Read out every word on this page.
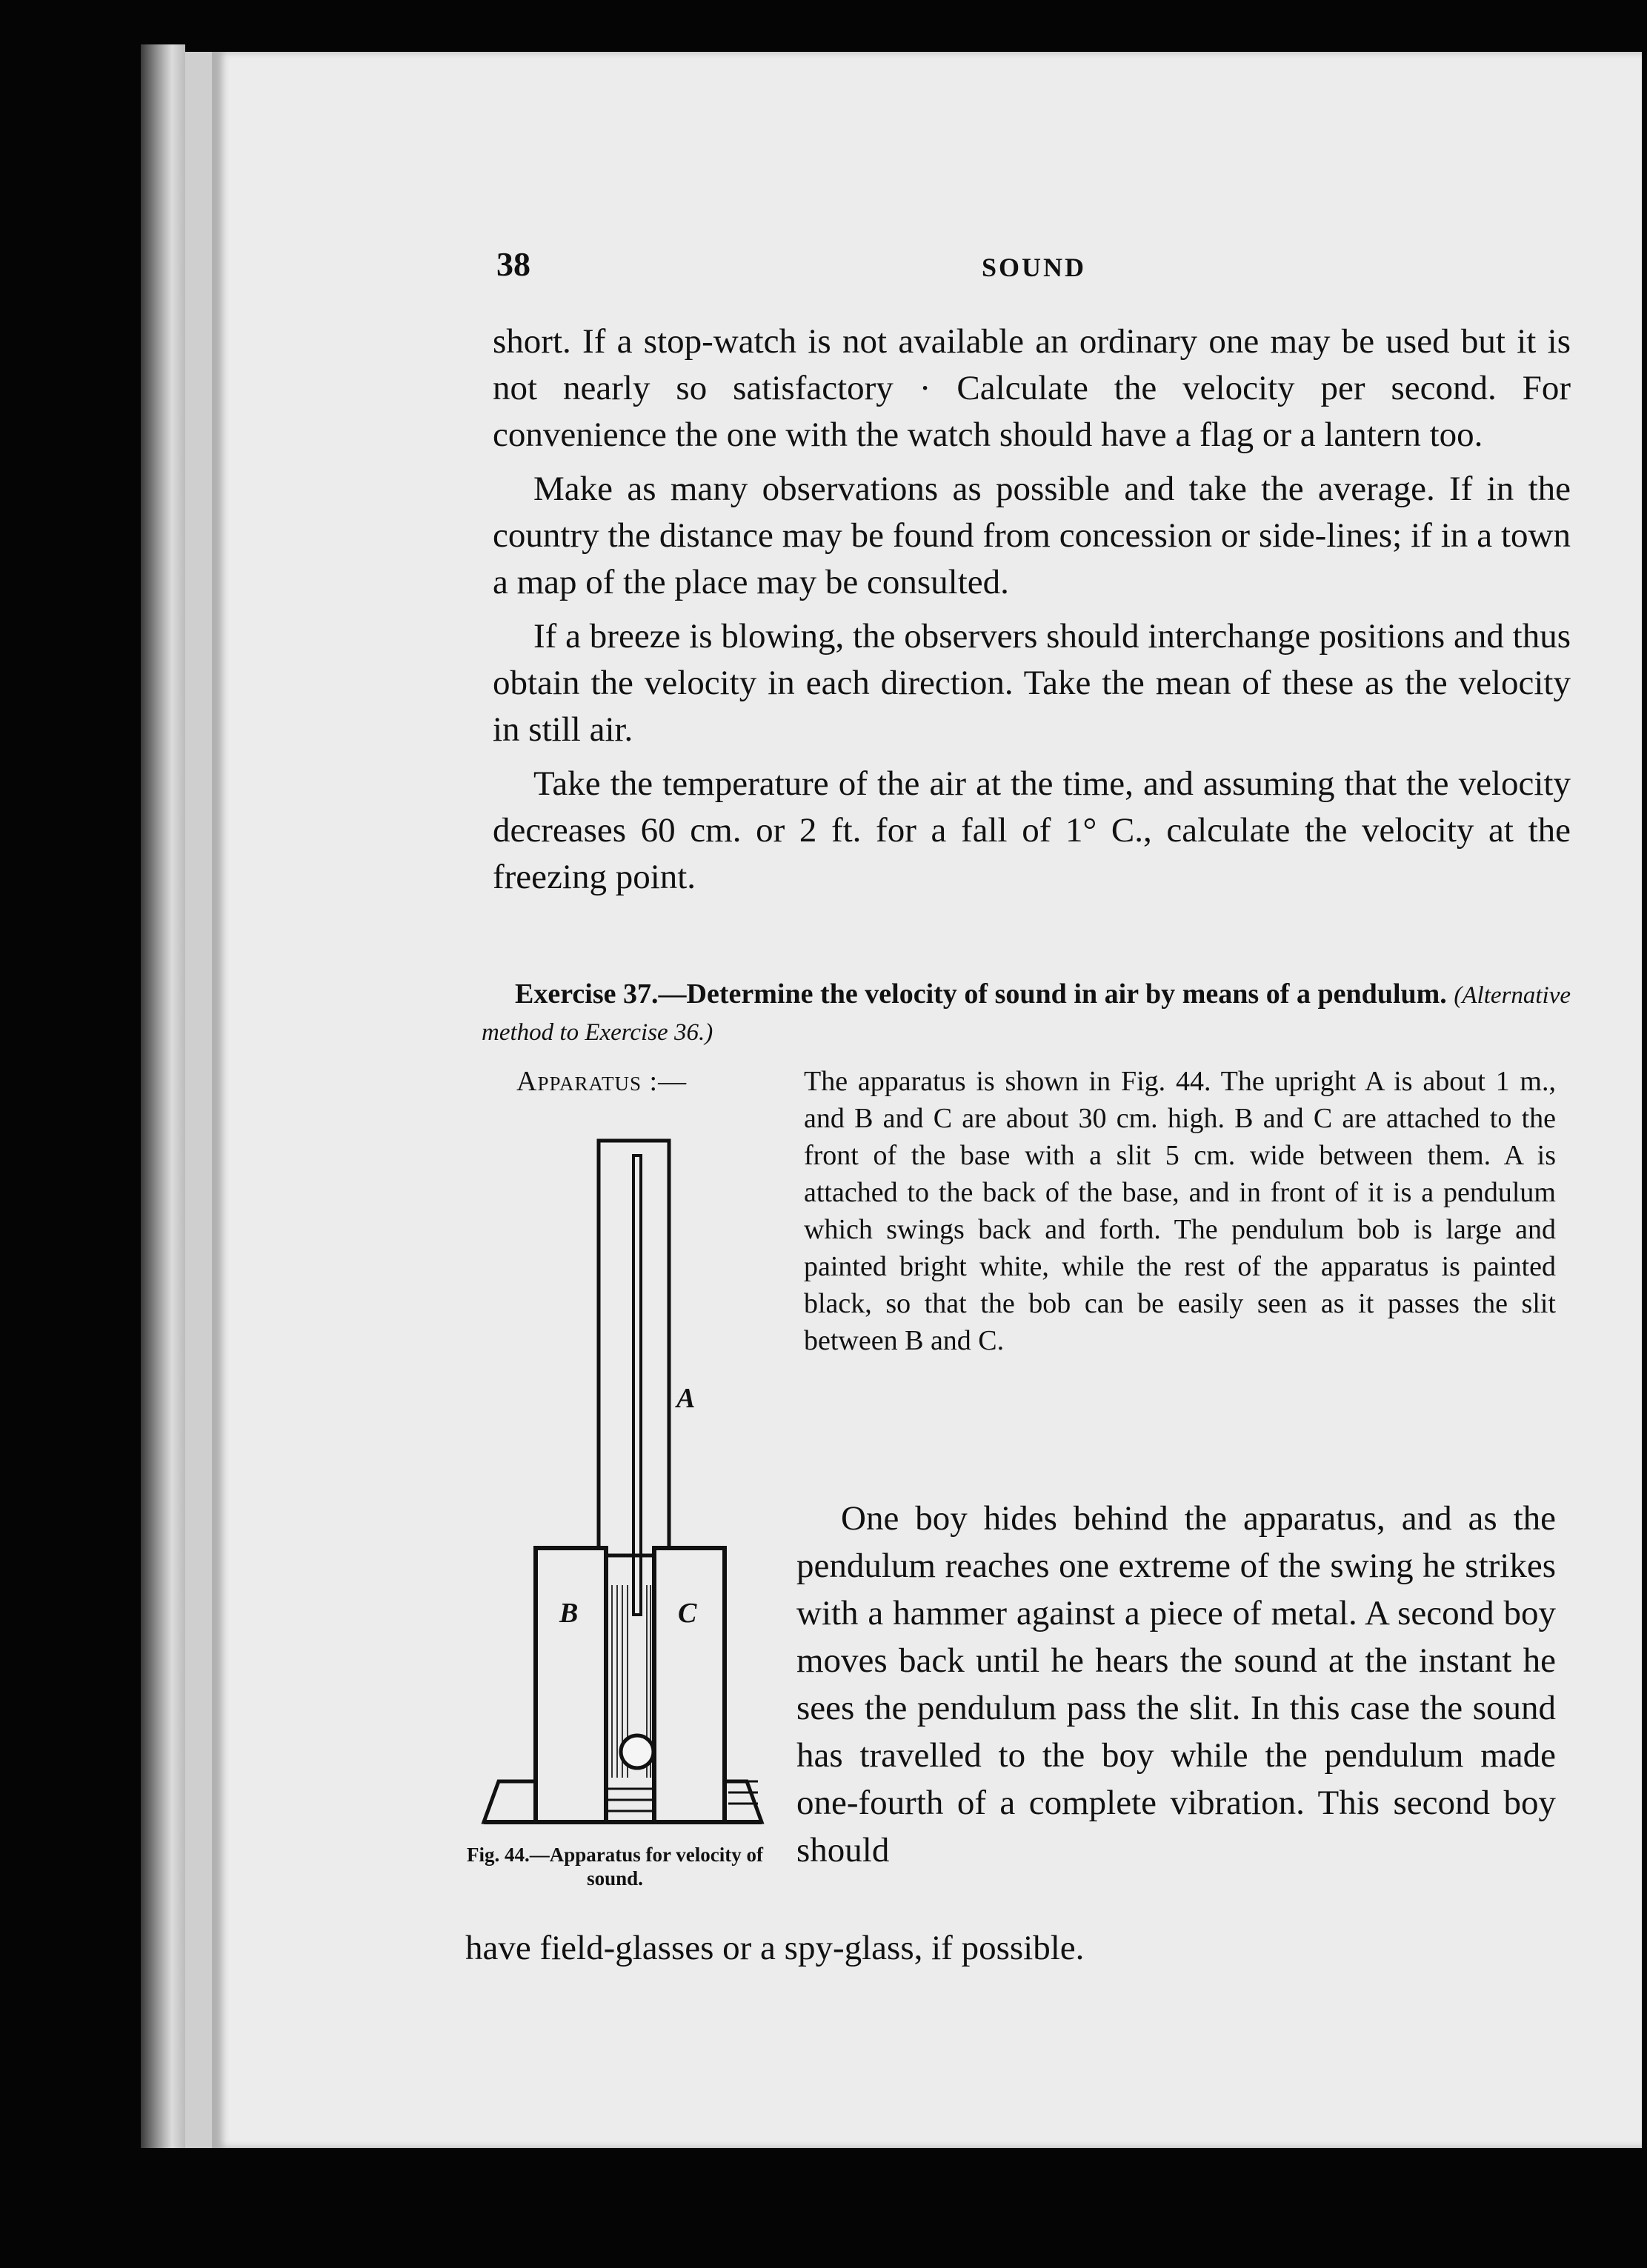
38	SOUND

short. If a stop-watch is not available an ordinary one may be used but it is not nearly so satisfactory · Calculate the velocity per second. For convenience the one with the watch should have a flag or a lantern too.

Make as many observations as possible and take the average. If in the country the distance may be found from concession or side-lines; if in a town a map of the place may be consulted.

If a breeze is blowing, the observers should interchange positions and thus obtain the velocity in each direction. Take the mean of these as the velocity in still air.

Take the temperature of the air at the time, and assuming that the velocity decreases 60 cm. or 2 ft. for a fall of 1° C., calculate the velocity at the freezing point.

Exercise 37.—Determine the velocity of sound in air by means of a pendulum. (Alternative method to Exercise 36.)
Apparatus :—	The apparatus is shown in Fig. 44. The upright A is about 1 m., and B and C are about 30 cm. high. B and C are attached to the front of the base with a slit 5 cm. wide between them. A is attached to the back of the base, and in front of it is a pendulum which swings back and forth. The pendulum bob is large and painted bright white, while the rest of the apparatus is painted black, so that the bob can be easily seen as it passes the slit between B and C.
A
B	C
Fig. 44.—Apparatus for velocity of sound.

One boy hides behind the apparatus, and as the pendulum reaches one extreme of the swing he strikes with a hammer against a piece of metal. A second boy moves back until he hears the sound at the instant he sees the pendulum pass the slit. In this case the sound has travelled to the boy while the pendulum made one-fourth of a complete vibration. This second boy should

have field-glasses or a spy-glass, if possible.
